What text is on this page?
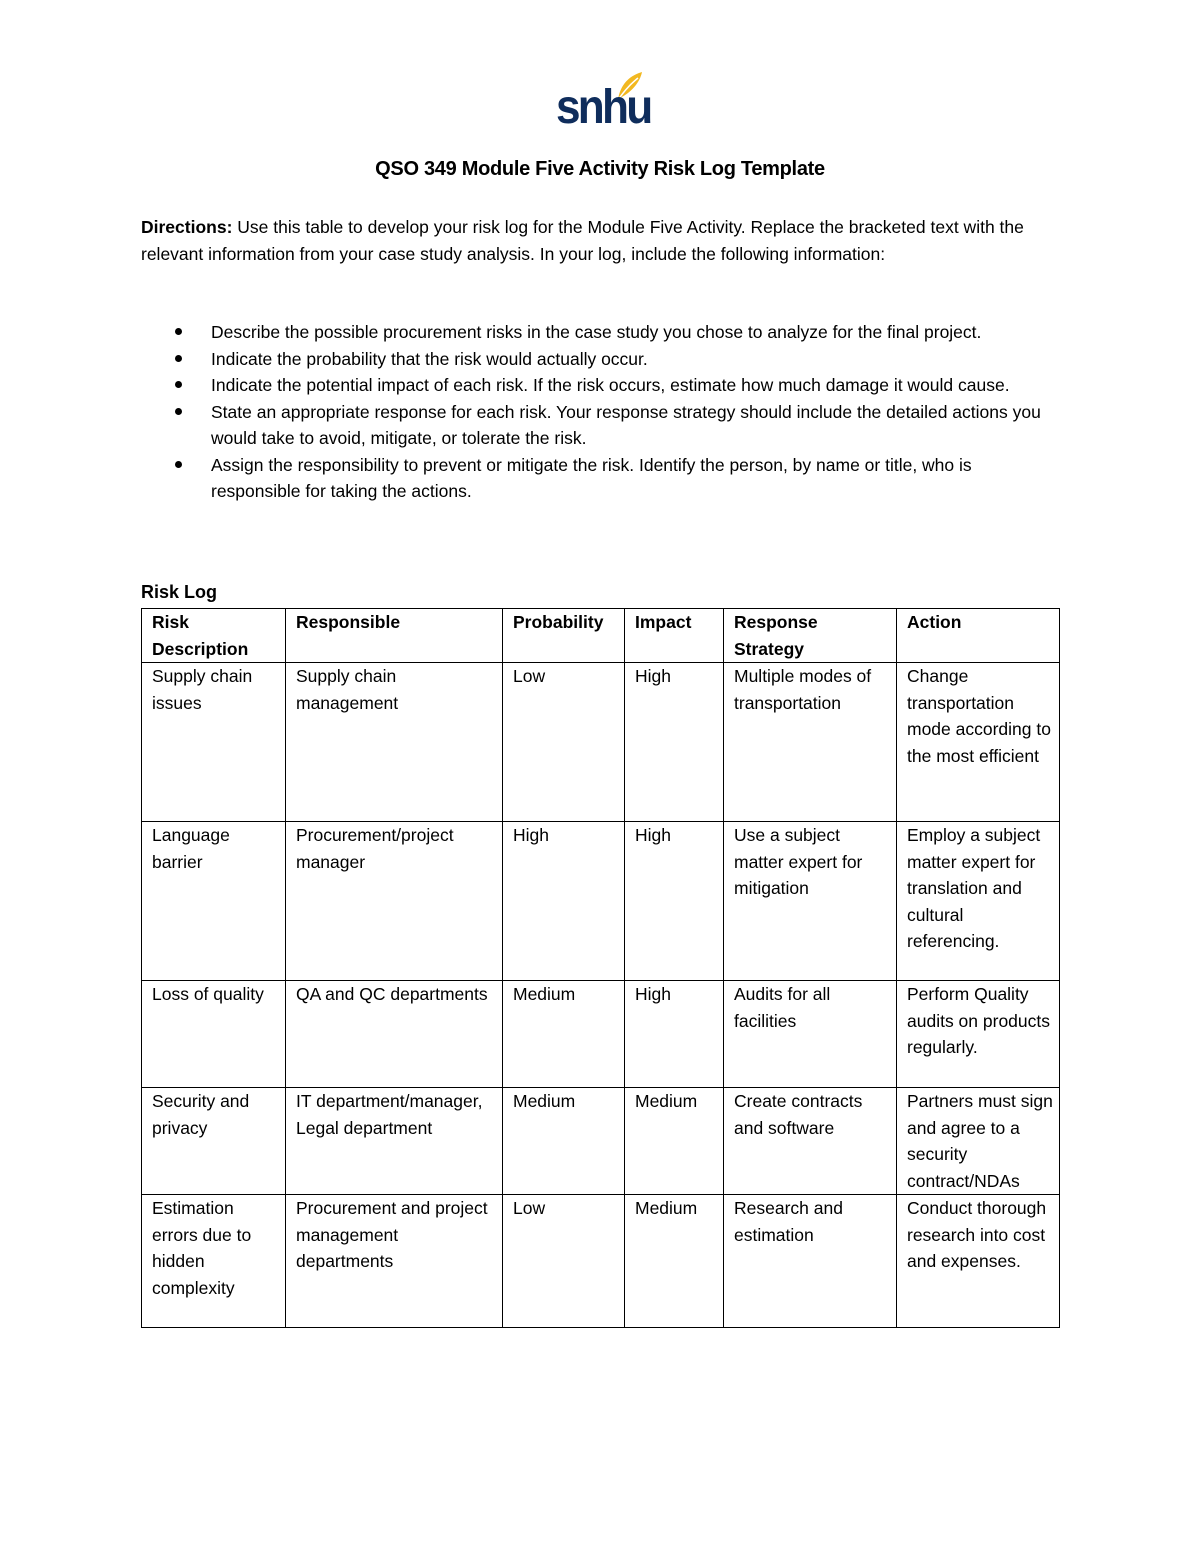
snhu
QSO 349 Module Five Activity Risk Log Template
Directions: Use this table to develop your risk log for the Module Five Activity. Replace the bracketed text with the relevant information from your case study analysis. In your log, include the following information:
Describe the possible procurement risks in the case study you chose to analyze for the final project.
Indicate the probability that the risk would actually occur.
Indicate the potential impact of each risk. If the risk occurs, estimate how much damage it would cause.
State an appropriate response for each risk. Your response strategy should include the detailed actions you would take to avoid, mitigate, or tolerate the risk.
Assign the responsibility to prevent or mitigate the risk. Identify the person, by name or title, who is responsible for taking the actions.
Risk Log
Risk Description	Responsible	Probability	Impact	Response Strategy	Action
Supply chain issues	Supply chain management	Low	High	Multiple modes of transportation	Change transportation mode according to the most efficient
Language barrier	Procurement/project manager	High	High	Use a subject matter expert for mitigation	Employ a subject matter expert for translation and cultural referencing.
Loss of quality	QA and QC departments	Medium	High	Audits for all facilities	Perform Quality audits on products regularly.
Security and privacy	IT department/manager, Legal department	Medium	Medium	Create contracts and software	Partners must sign and agree to a security contract/NDAs
Estimation errors due to hidden complexity	Procurement and project management departments	Low	Medium	Research and estimation	Conduct thorough research into cost and expenses.
